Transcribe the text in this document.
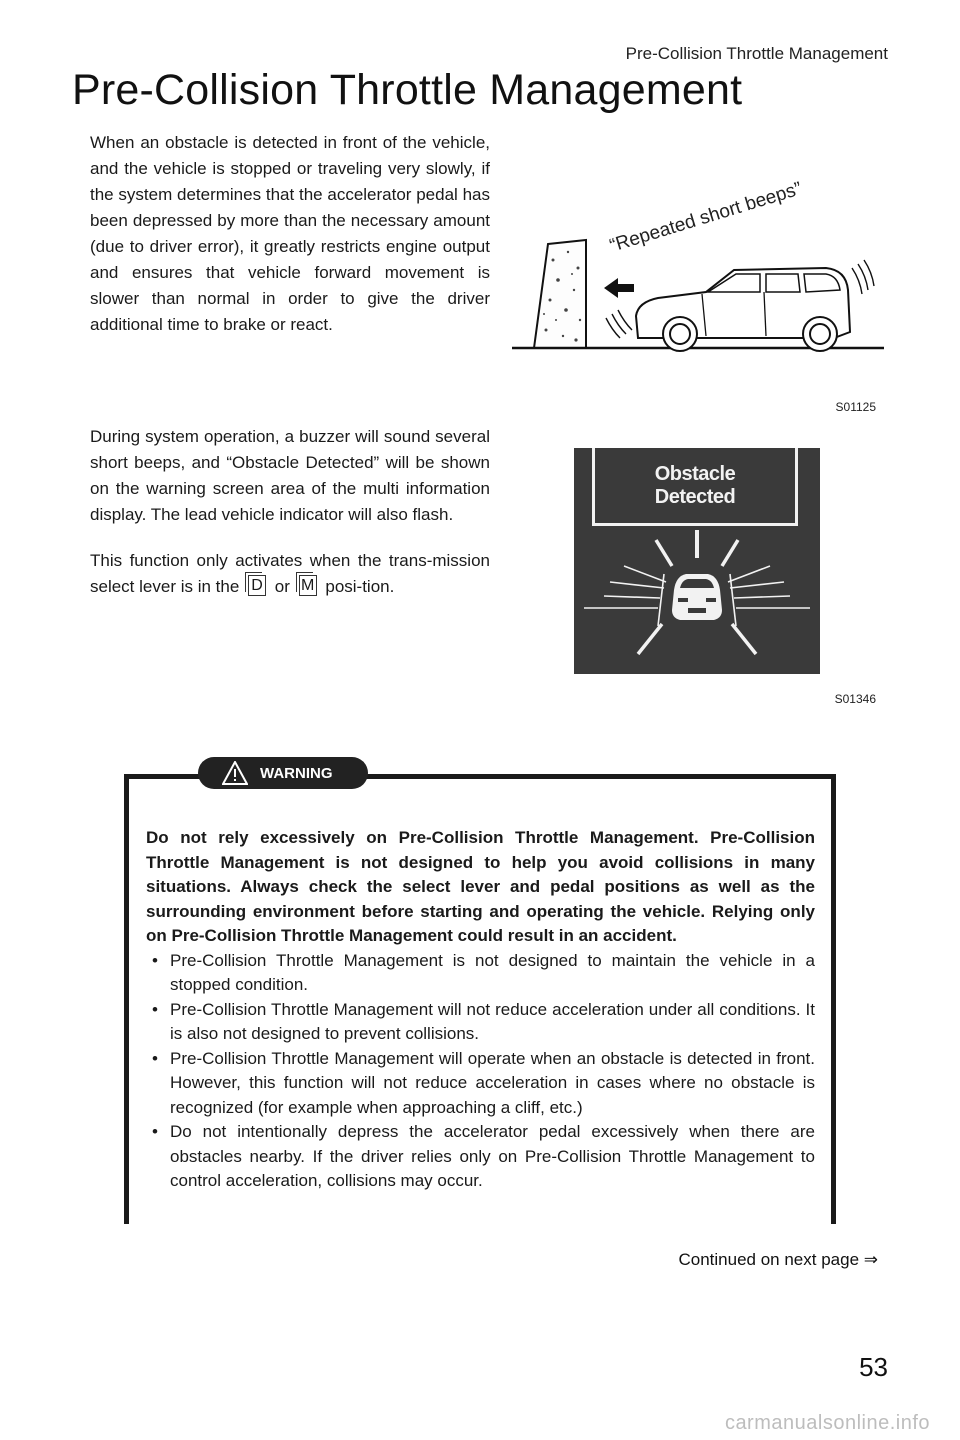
Pre-Collision Throttle Management
Pre-Collision Throttle Management

When an obstacle is detected in front of the vehicle, and the vehicle is stopped or traveling very slowly, if the system determines that the accelerator pedal has been depressed by more than the necessary amount (due to driver error), it greatly restricts engine output and ensures that vehicle forward movement is slower than normal in order to give the driver additional time to brake or react.

“Repeated short beeps”
S01125

During system operation, a buzzer will sound several short beeps, and “Obstacle Detected” will be shown on the warning screen area of the multi information display. The lead vehicle indicator will also flash.

This function only activates when the trans-mission select lever is in the D or M posi-tion.

Obstacle
Detected
S01346
WARNING

Do not rely excessively on Pre-Collision Throttle Management. Pre-Collision Throttle Management is not designed to help you avoid collisions in many situations. Always check the select lever and pedal positions as well as the surrounding environment before starting and operating the vehicle. Relying only on Pre-Collision Throttle Management could result in an accident.

• Pre-Collision Throttle Management is not designed to maintain the vehicle in a stopped condition.
• Pre-Collision Throttle Management will not reduce acceleration under all conditions. It is also not designed to prevent collisions.
• Pre-Collision Throttle Management will operate when an obstacle is detected in front. However, this function will not reduce acceleration in cases where no obstacle is recognized (for example when approaching a cliff, etc.)
• Do not intentionally depress the accelerator pedal excessively when there are obstacles nearby. If the driver relies only on Pre-Collision Throttle Management to control acceleration, collisions may occur.
Continued on next page ⇒
53
carmanualsonline.info
